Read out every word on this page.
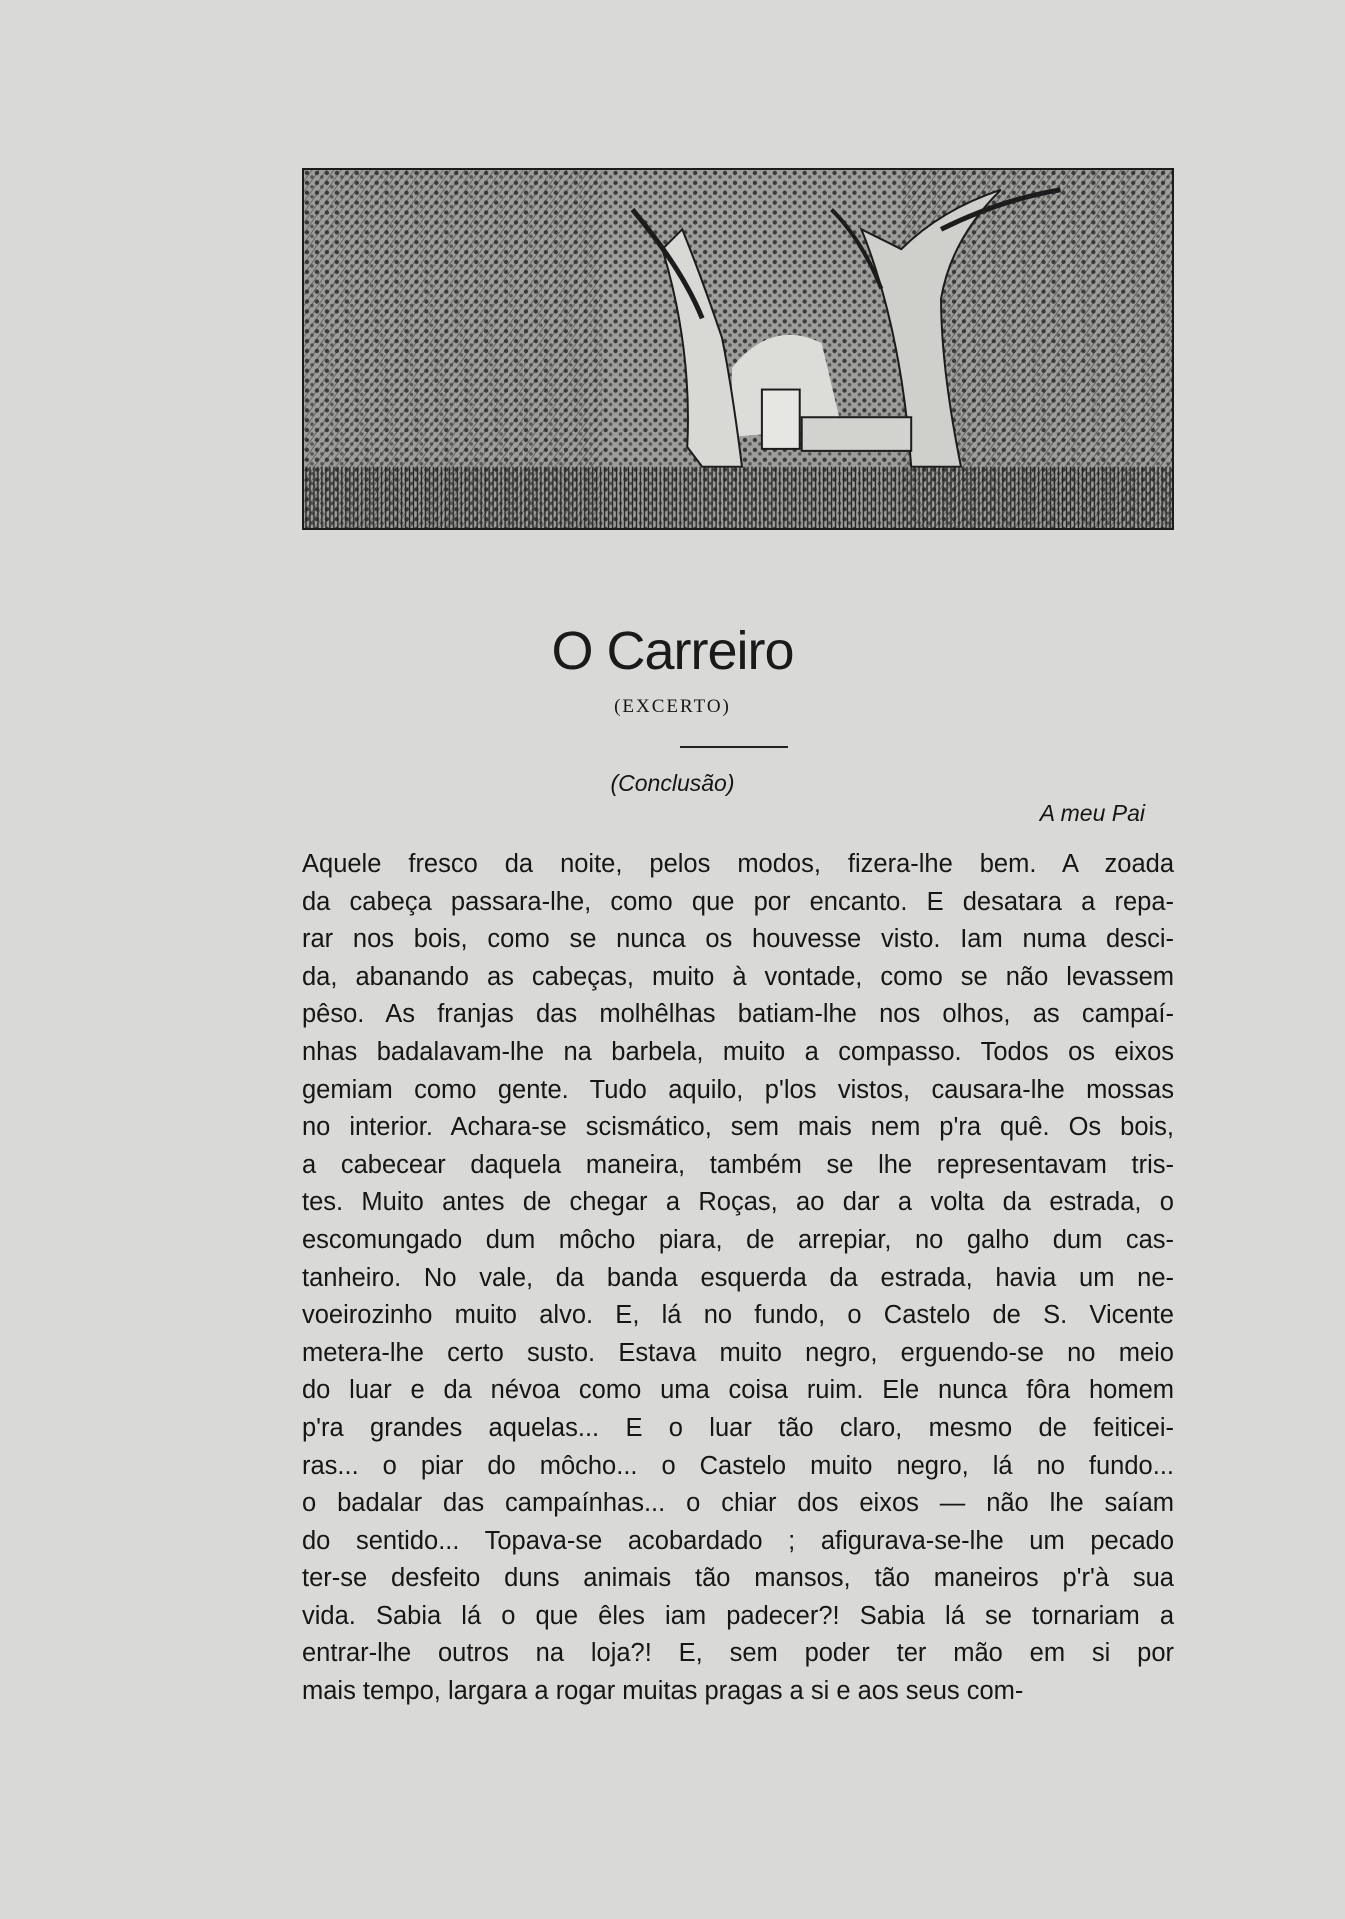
O Carreiro
(EXCERTO)
(Conclusão)
A meu Pai
Aquele fresco da noite, pelos modos, fizera-lhe bem. A zoada
da cabeça passara-lhe, como que por encanto. E desatara a repa-
rar nos bois, como se nunca os houvesse visto. Iam numa desci-
da, abanando as cabeças, muito à vontade, como se não levassem
pêso. As franjas das molhêlhas batiam-lhe nos olhos, as campaí-
nhas badalavam-lhe na barbela, muito a compasso. Todos os eixos
gemiam como gente. Tudo aquilo, p'los vistos, causara-lhe mossas
no interior. Achara-se scismático, sem mais nem p'ra quê. Os bois,
a cabecear daquela maneira, também se lhe representavam tris-
tes. Muito antes de chegar a Roças, ao dar a volta da estrada, o
escomungado dum môcho piara, de arrepiar, no galho dum cas-
tanheiro. No vale, da banda esquerda da estrada, havia um ne-
voeirozinho muito alvo. E, lá no fundo, o Castelo de S. Vicente
metera-lhe certo susto. Estava muito negro, erguendo-se no meio
do luar e da névoa como uma coisa ruim. Ele nunca fôra homem
p'ra grandes aquelas... E o luar tão claro, mesmo de feiticei-
ras... o piar do môcho... o Castelo muito negro, lá no fundo...
o badalar das campaínhas... o chiar dos eixos — não lhe saíam
do sentido... Topava-se acobardado ; afigurava-se-lhe um pecado
ter-se desfeito duns animais tão mansos, tão maneiros p'r'à sua
vida. Sabia lá o que êles iam padecer?! Sabia lá se tornariam a
entrar-lhe outros na loja?! E, sem poder ter mão em si por
mais tempo, largara a rogar muitas pragas a si e aos seus com-
